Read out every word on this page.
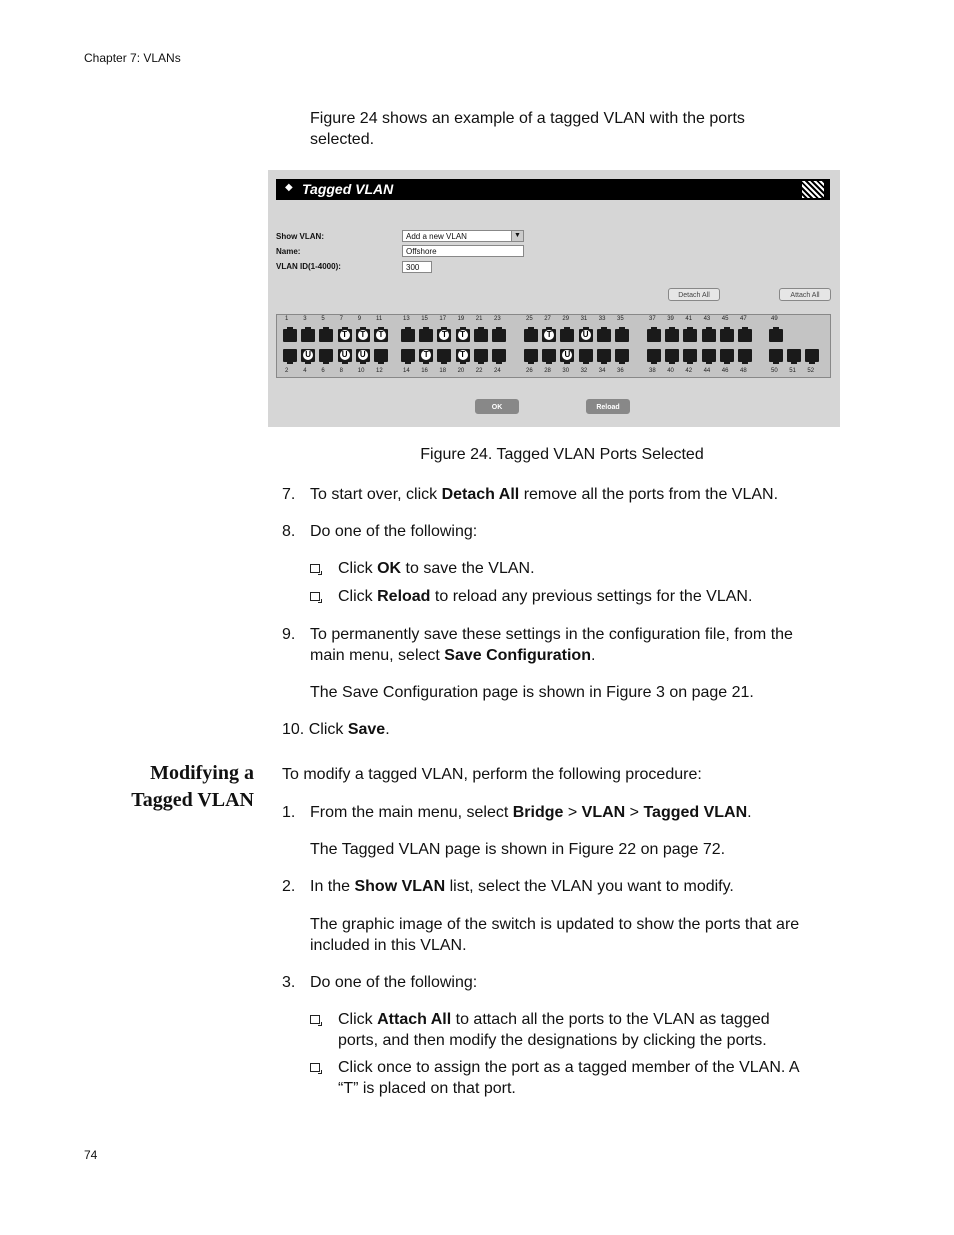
Chapter 7: VLANs
Figure 24 shows an example of a tagged VLAN with the ports selected.
◆ Tagged VLAN
Show VLAN:	Add a new VLAN	▼
Name:	Offshore
VLAN ID(1-4000):	300
Detach All	Attach All
1 3 5 7
T
9
T
11
T
13 15 17
T
19
T
21 23	25 27
T
29 31
U
33 35	37 39 41 43 45 47	49
2 4
U
6 8
U
10
U
12	14 16
T
18 20
T
22 24	26 28 30
U
32 34 36	38 40 42 44 46 48	50 51 52
OK	Reload
Figure 24. Tagged VLAN Ports Selected
7. To start over, click Detach All remove all the ports from the VLAN.
8. Do one of the following:
Click OK to save the VLAN.
Click Reload to reload any previous settings for the VLAN.
9. To permanently save these settings in the configuration file, from the
main menu, select Save Configuration.
The Save Configuration page is shown in Figure 3 on page 21.
10. Click Save.
Modifying a
Tagged VLAN
To modify a tagged VLAN, perform the following procedure:
1. From the main menu, select Bridge > VLAN > Tagged VLAN.
The Tagged VLAN page is shown in Figure 22 on page 72.
2. In the Show VLAN list, select the VLAN you want to modify.
The graphic image of the switch is updated to show the ports that are
included in this VLAN.
3. Do one of the following:
Click Attach All to attach all the ports to the VLAN as tagged
ports, and then modify the designations by clicking the ports.
Click once to assign the port as a tagged member of the VLAN. A
“T” is placed on that port.
74
